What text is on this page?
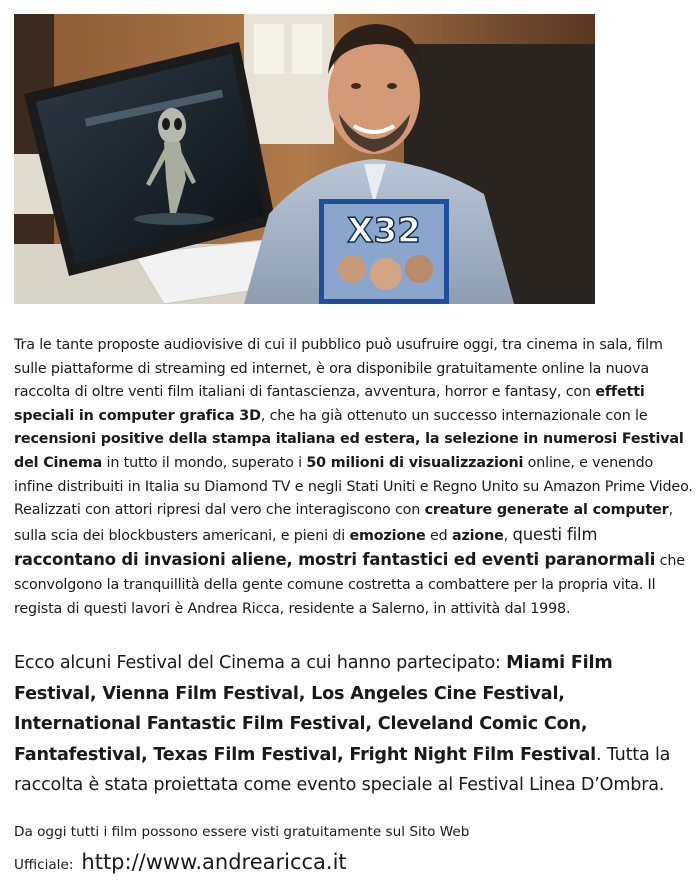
X32

Tra le tante proposte audiovisive di cui il pubblico può usufruire oggi, tra cinema in sala, film sulle piattaforme di streaming ed internet, è ora disponibile gratuitamente online la nuova raccolta di oltre venti film italiani di fantascienza, avventura, horror e fantasy, con effetti speciali in computer grafica 3D, che ha già ottenuto un successo internazionale con le recensioni positive della stampa italiana ed estera, la selezione in numerosi Festival del Cinema in tutto il mondo, superato i 50 milioni di visualizzazioni online, e venendo infine distribuiti in Italia su Diamond TV e negli Stati Uniti e Regno Unito su Amazon Prime Video. Realizzati con attori ripresi dal vero che interagiscono con creature generate al computer, sulla scia dei blockbusters americani, e pieni di emozione ed azione, questi film raccontano di invasioni aliene, mostri fantastici ed eventi paranormali che sconvolgono la tranquillità della gente comune costretta a combattere per la propria vita. Il regista di questi lavori è Andrea Ricca, residente a Salerno, in attività dal 1998.

Ecco alcuni Festival del Cinema a cui hanno partecipato: Miami Film Festival, Vienna Film Festival, Los Angeles Cine Festival, International Fantastic Film Festival, Cleveland Comic Con, Fantafestival, Texas Film Festival, Fright Night Film Festival. Tutta la raccolta è stata proiettata come evento speciale al Festival Linea D’Ombra.

Da oggi tutti i film possono essere visti gratuitamente sul Sito Web

Ufficiale: http://www.andrearicca.it
